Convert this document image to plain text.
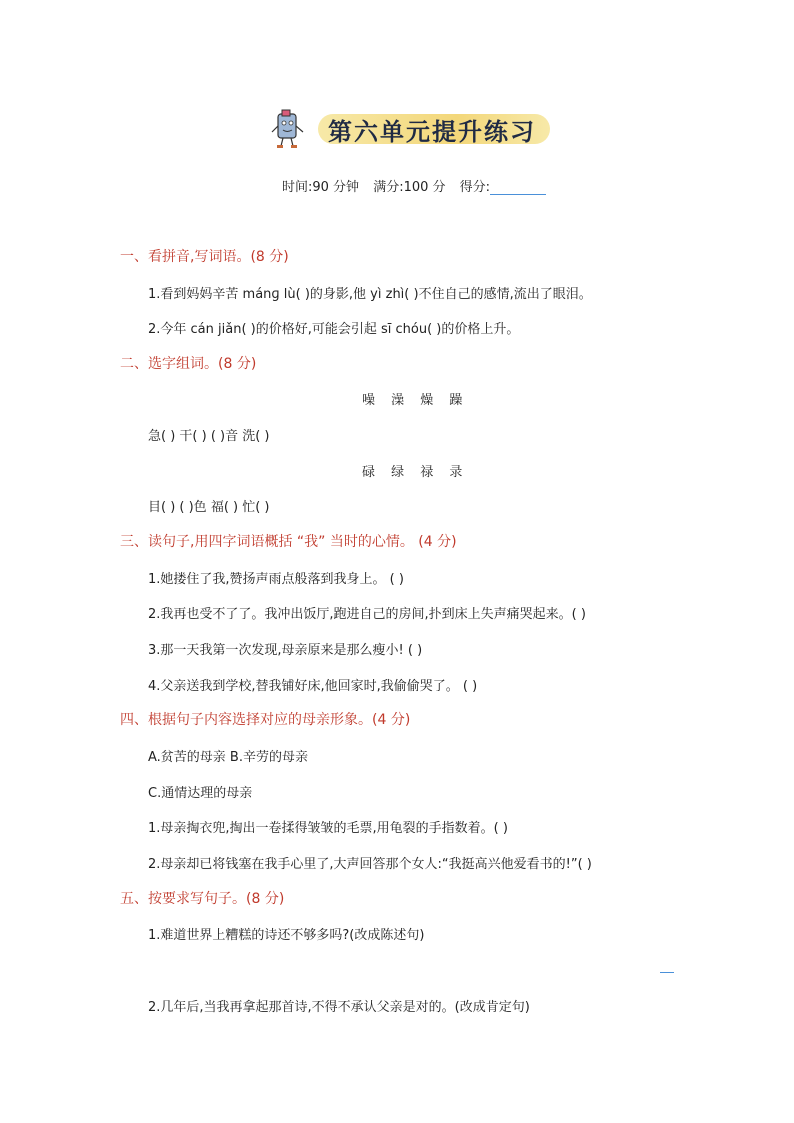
第六单元提升练习
时间:90 分钟 满分:100 分 得分:
一、看拼音,写词语。(8 分)
1.看到妈妈辛苦 mánɡ lù( )的身影,他 yì zhì( )不住自己的感情,流出了眼泪。
2.今年 cán jiǎn( )的价格好,可能会引起 sī chóu( )的价格上升。
二、选字组词。(8 分)
噪 澡 燥 躁
急( ) 干( ) ( )音 洗( )
碌 绿 禄 录
目( ) ( )色 福( ) 忙( )
三、读句子,用四字词语概括 “我” 当时的心情。 (4 分)
1.她搂住了我,赞扬声雨点般落到我身上。 ( )
2.我再也受不了了。我冲出饭厅,跑进自己的房间,扑到床上失声痛哭起来。( )
3.那一天我第一次发现,母亲原来是那么瘦小! ( )
4.父亲送我到学校,替我铺好床,他回家时,我偷偷哭了。 ( )
四、根据句子内容选择对应的母亲形象。(4 分)
A.贫苦的母亲 B.辛劳的母亲
C.通情达理的母亲
1.母亲掏衣兜,掏出一卷揉得皱皱的毛票,用龟裂的手指数着。( )
2.母亲却已将钱塞在我手心里了,大声回答那个女人:“我挺高兴他爱看书的!”( )
五、按要求写句子。(8 分)
1.难道世界上糟糕的诗还不够多吗?(改成陈述句)
2.几年后,当我再拿起那首诗,不得不承认父亲是对的。(改成肯定句)
